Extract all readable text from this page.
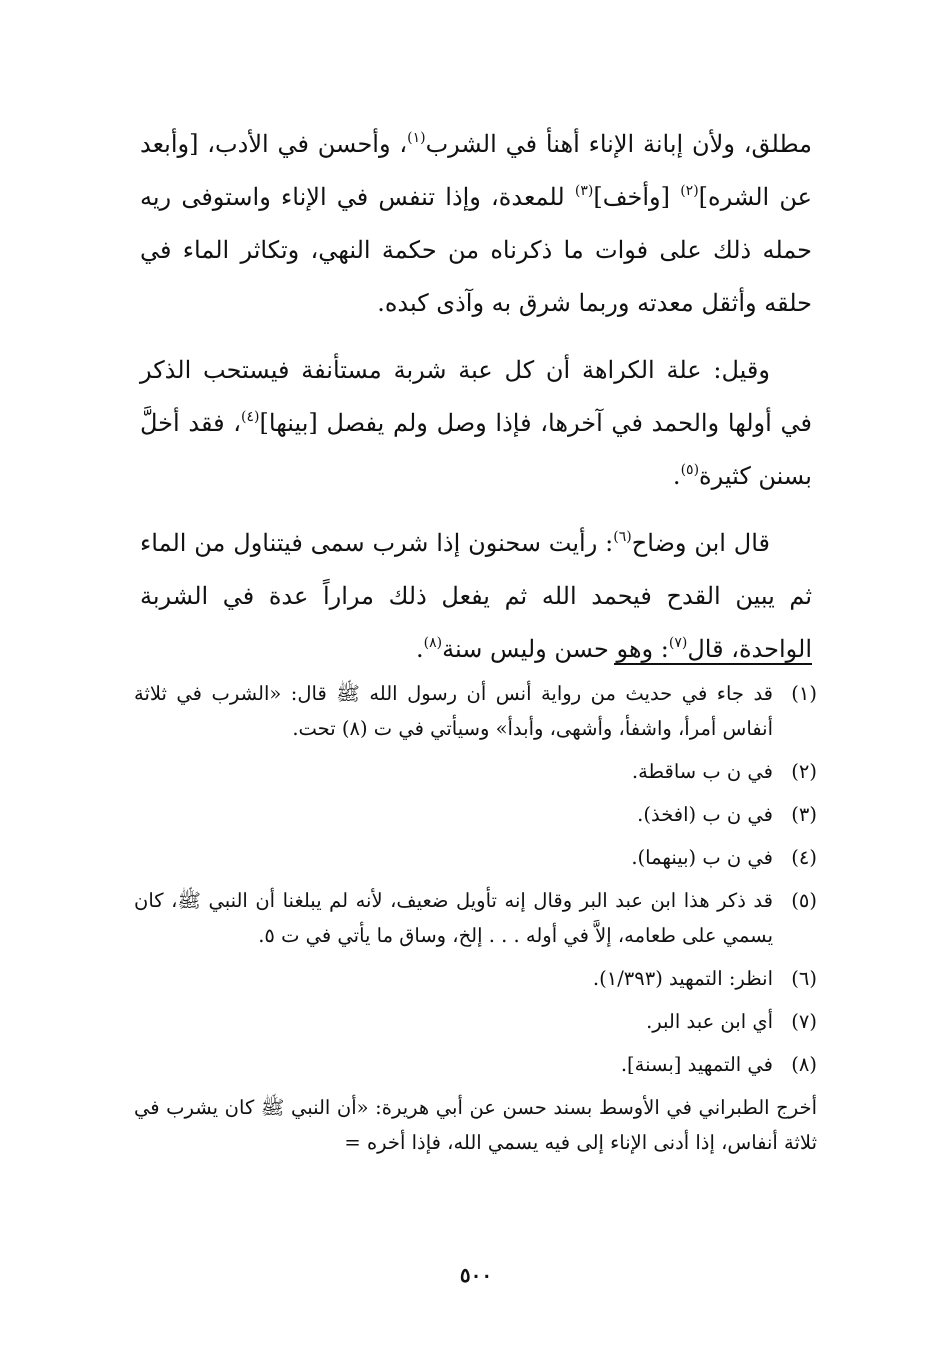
مطلق، ولأن إبانة الإناء أهنأ في الشرب$^{(١)}$، وأحسن في الأدب، [وأبعد عن الشره]$^{(٢)}$ [وأخف]$^{(٣)}$ للمعدة، وإذا تنفس في الإناء واستوفى ريه حمله ذلك على فوات ما ذكرناه من حكمة النهي، وتكاثر الماء في حلقه وأثقل معدته وربما شرق به وآذى كبده.

وقيل: علة الكراهة أن كل عبة شربة مستأنفة فيستحب الذكر في أولها والحمد في آخرها، فإذا وصل ولم يفصل [بينها]$^{(٤)}$، فقد أخلَّ بسنن كثيرة$^{(٥)}$.

قال ابن وضاح$^{(٦)}$: رأيت سحنون إذا شرب سمى فيتناول من الماء ثم يبين القدح فيحمد الله ثم يفعل ذلك مراراً عدة في الشربة الواحدة، قال$^{(٧)}$: وهو حسن وليس سنة$^{(٨)}$.

(١)
قد جاء في حديث من رواية أنس أن رسول الله ﷺ قال: «الشرب في ثلاثة أنفاس أمرأ، واشفأ، وأشهى، وأبدأ» وسيأتي في ت (٨) تحت.
(٢)
في ن ب ساقطة.
(٣)
في ن ب (افخذ).
(٤)
في ن ب (بينهما).
(٥)
قد ذكر هذا ابن عبد البر وقال إنه تأويل ضعيف، لأنه لم يبلغنا أن النبي ﷺ، كان يسمي على طعامه، إلاَّ في أوله . . . إلخ، وساق ما يأتي في ت ٥.
(٦)
انظر: التمهيد (١/٣٩٣).
(٧)
أي ابن عبد البر.
(٨)
في التمهيد [بسنة].
أخرج الطبراني في الأوسط بسند حسن عن أبي هريرة: «أن النبي ﷺ كان يشرب في ثلاثة أنفاس، إذا أدنى الإناء إلى فيه يسمي الله، فإذا أخره =
٥٠٠
